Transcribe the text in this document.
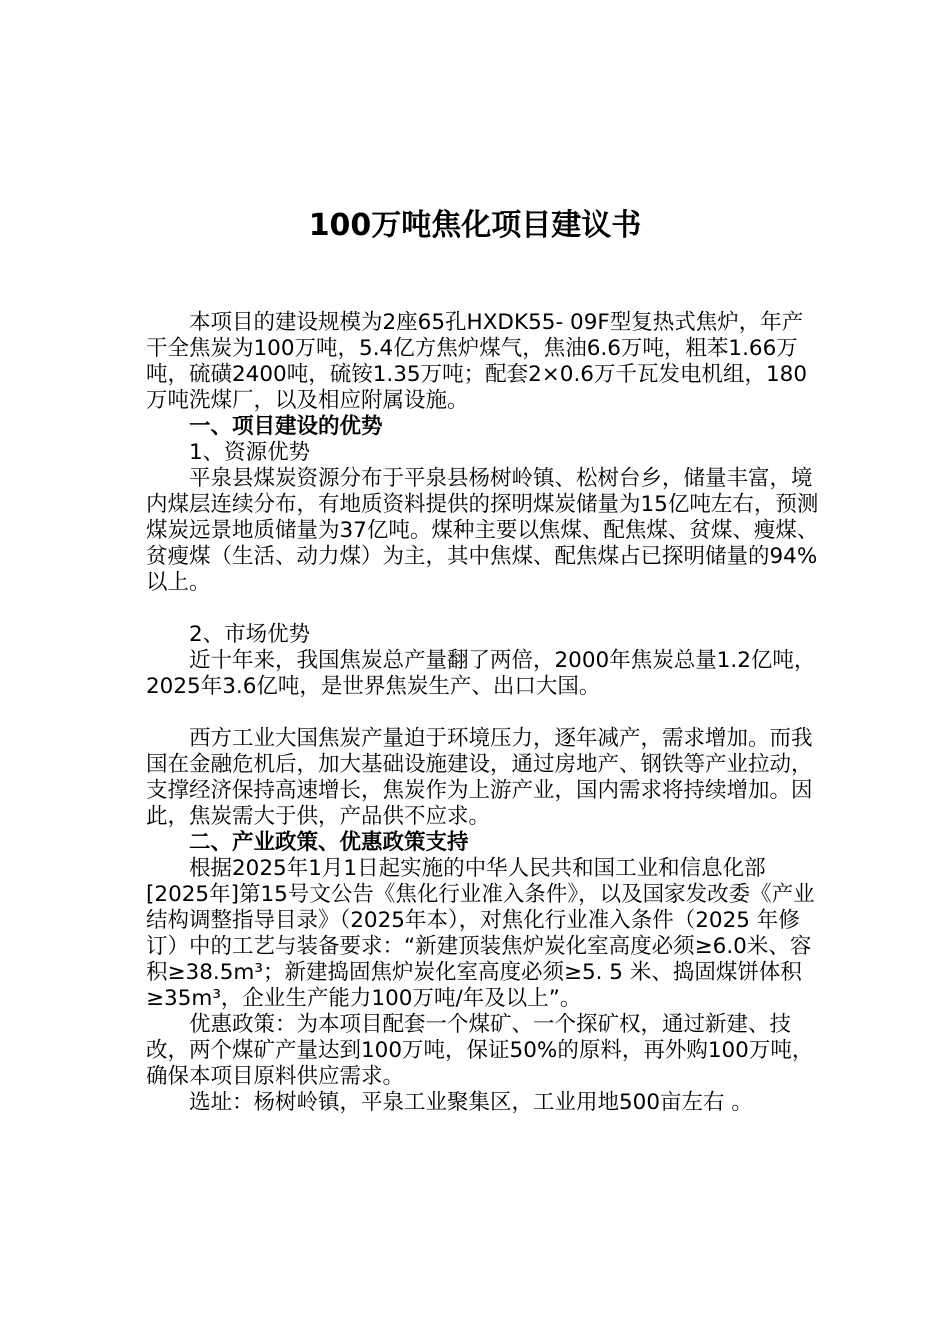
100万吨焦化项目建议书

本项目的建设规模为2座65孔HXDK55- 09F型复热式焦炉，年产干全焦炭为100万吨，5.4亿方焦炉煤气，焦油6.6万吨，粗苯1.66万吨，硫磺2400吨，硫铵1.35万吨；配套2×0.6万千瓦发电机组，180万吨洗煤厂，以及相应附属设施。

一、项目建设的优势

1、资源优势

平泉县煤炭资源分布于平泉县杨树岭镇、松树台乡，储量丰富，境内煤层连续分布，有地质资料提供的探明煤炭储量为15亿吨左右，预测煤炭远景地质储量为37亿吨。煤种主要以焦煤、配焦煤、贫煤、瘦煤、贫瘦煤（生活、动力煤）为主，其中焦煤、配焦煤占已探明储量的94%以上。

2、市场优势

近十年来，我国焦炭总产量翻了两倍，2000年焦炭总量1.2亿吨，2025年3.6亿吨，是世界焦炭生产、出口大国。

西方工业大国焦炭产量迫于环境压力，逐年减产，需求增加。而我国在金融危机后，加大基础设施建设，通过房地产、钢铁等产业拉动，支撑经济保持高速增长，焦炭作为上游产业，国内需求将持续增加。因此，焦炭需大于供，产品供不应求。

二、产业政策、优惠政策支持

根据2025年1月1日起实施的中华人民共和国工业和信息化部[2025年]第15号文公告《焦化行业准入条件》，以及国家发改委《产业结构调整指导目录》（2025年本），对焦化行业准入条件（2025 年修订）中的工艺与装备要求：“新建顶装焦炉炭化室高度必须≥6.0米、容积≥38.5m³；新建捣固焦炉炭化室高度必须≥5. 5 米、捣固煤饼体积≥35m³，企业生产能力100万吨/年及以上”。

优惠政策：为本项目配套一个煤矿、一个探矿权，通过新建、技改，两个煤矿产量达到100万吨，保证50%的原料，再外购100万吨，确保本项目原料供应需求。

选址：杨树岭镇，平泉工业聚集区，工业用地500亩左右 。
